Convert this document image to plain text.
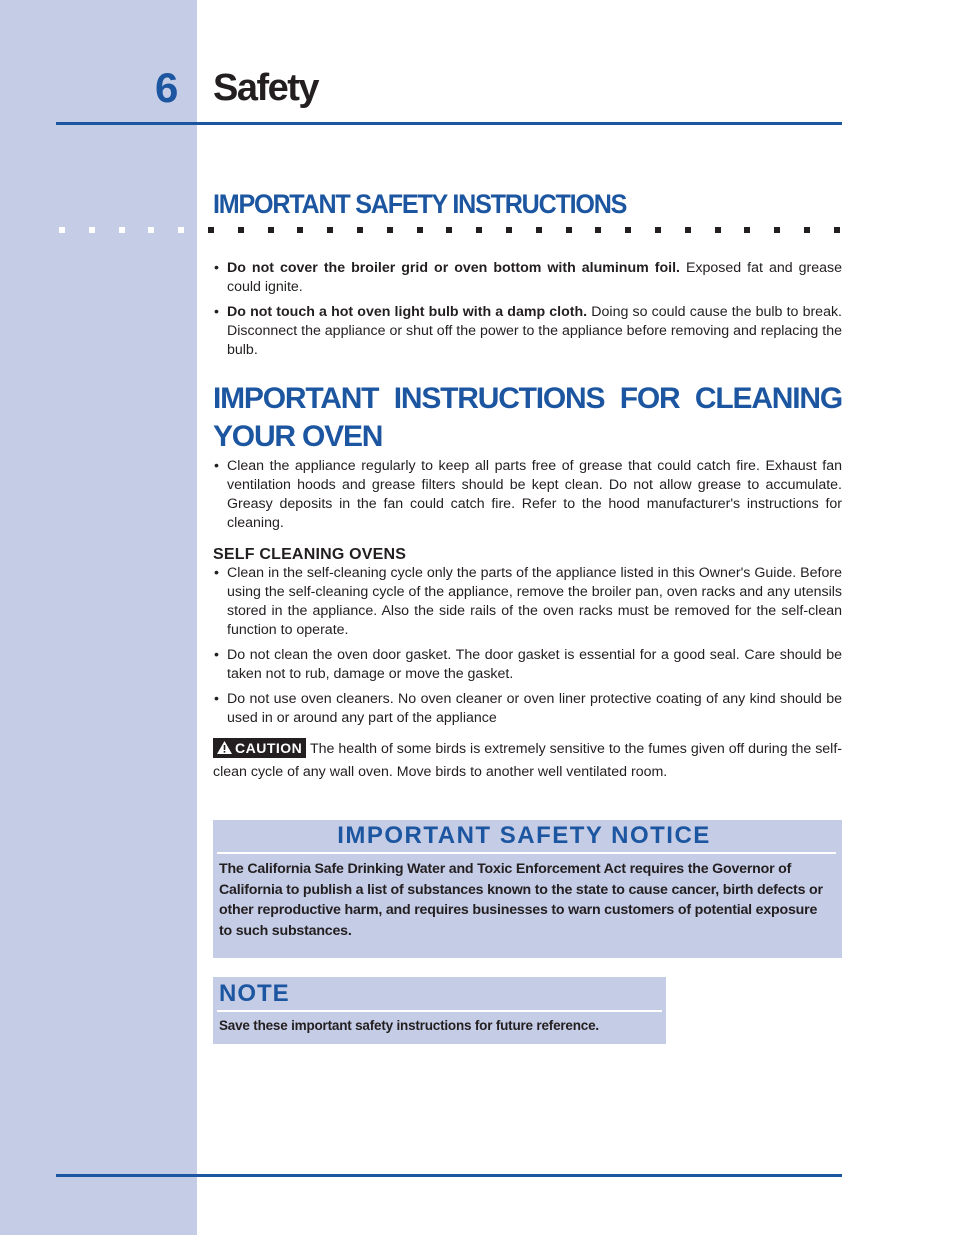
6 Safety
IMPORTANT SAFETY INSTRUCTIONS
• Do not cover the broiler grid or oven bottom with aluminum foil. Exposed fat and grease could ignite.
• Do not touch a hot oven light bulb with a damp cloth. Doing so could cause the bulb to break. Disconnect the appliance or shut off the power to the appliance before removing and replacing the bulb.

IMPORTANT INSTRUCTIONS FOR CLEANING YOUR OVEN

• Clean the appliance regularly to keep all parts free of grease that could catch fire. Exhaust fan ventilation hoods and grease filters should be kept clean. Do not allow grease to accumulate. Greasy deposits in the fan could catch fire. Refer to the hood manufacturer's instructions for cleaning.

SELF CLEANING OVENS

• Clean in the self-cleaning cycle only the parts of the appliance listed in this Owner's Guide. Before using the self-cleaning cycle of the appliance, remove the broiler pan, oven racks and any utensils stored in the appliance. Also the side rails of the oven racks must be removed for the self-clean function to operate.
• Do not clean the oven door gasket. The door gasket is essential for a good seal. Care should be taken not to rub, damage or move the gasket.
• Do not use oven cleaners. No oven cleaner or oven liner protective coating of any kind should be used in or around any part of the appliance
CAUTION The health of some birds is extremely sensitive to the fumes given off during the self-clean cycle of any wall oven. Move birds to another well ventilated room.
IMPORTANT SAFETY NOTICE
The California Safe Drinking Water and Toxic Enforcement Act requires the Governor of California to publish a list of substances known to the state to cause cancer, birth defects or other reproductive harm, and requires businesses to warn customers of potential exposure to such substances.
NOTE
Save these important safety instructions for future reference.
